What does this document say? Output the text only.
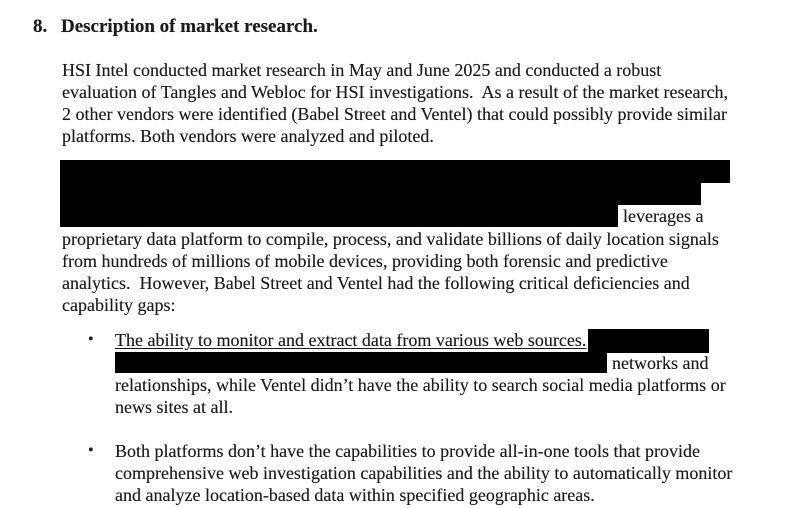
8. Description of market research.
HSI Intel conducted market research in May and June 2025 and conducted a robust
evaluation of Tangles and Webloc for HSI investigations.  As a result of the market research,
2 other vendors were identified (Babel Street and Ventel) that could possibly provide similar
platforms. Both vendors were analyzed and piloted.
leverages a
proprietary data platform to compile, process, and validate billions of daily location signals
from hundreds of millions of mobile devices, providing both forensic and predictive
analytics.  However, Babel Street and Ventel had the following critical deficiencies and
capability gaps:
• The ability to monitor and extract data from various web sources.
networks and
relationships, while Ventel didn’t have the ability to search social media platforms or
news sites at all.
• Both platforms don’t have the capabilities to provide all-in-one tools that provide
comprehensive web investigation capabilities and the ability to automatically monitor
and analyze location-based data within specified geographic areas.
